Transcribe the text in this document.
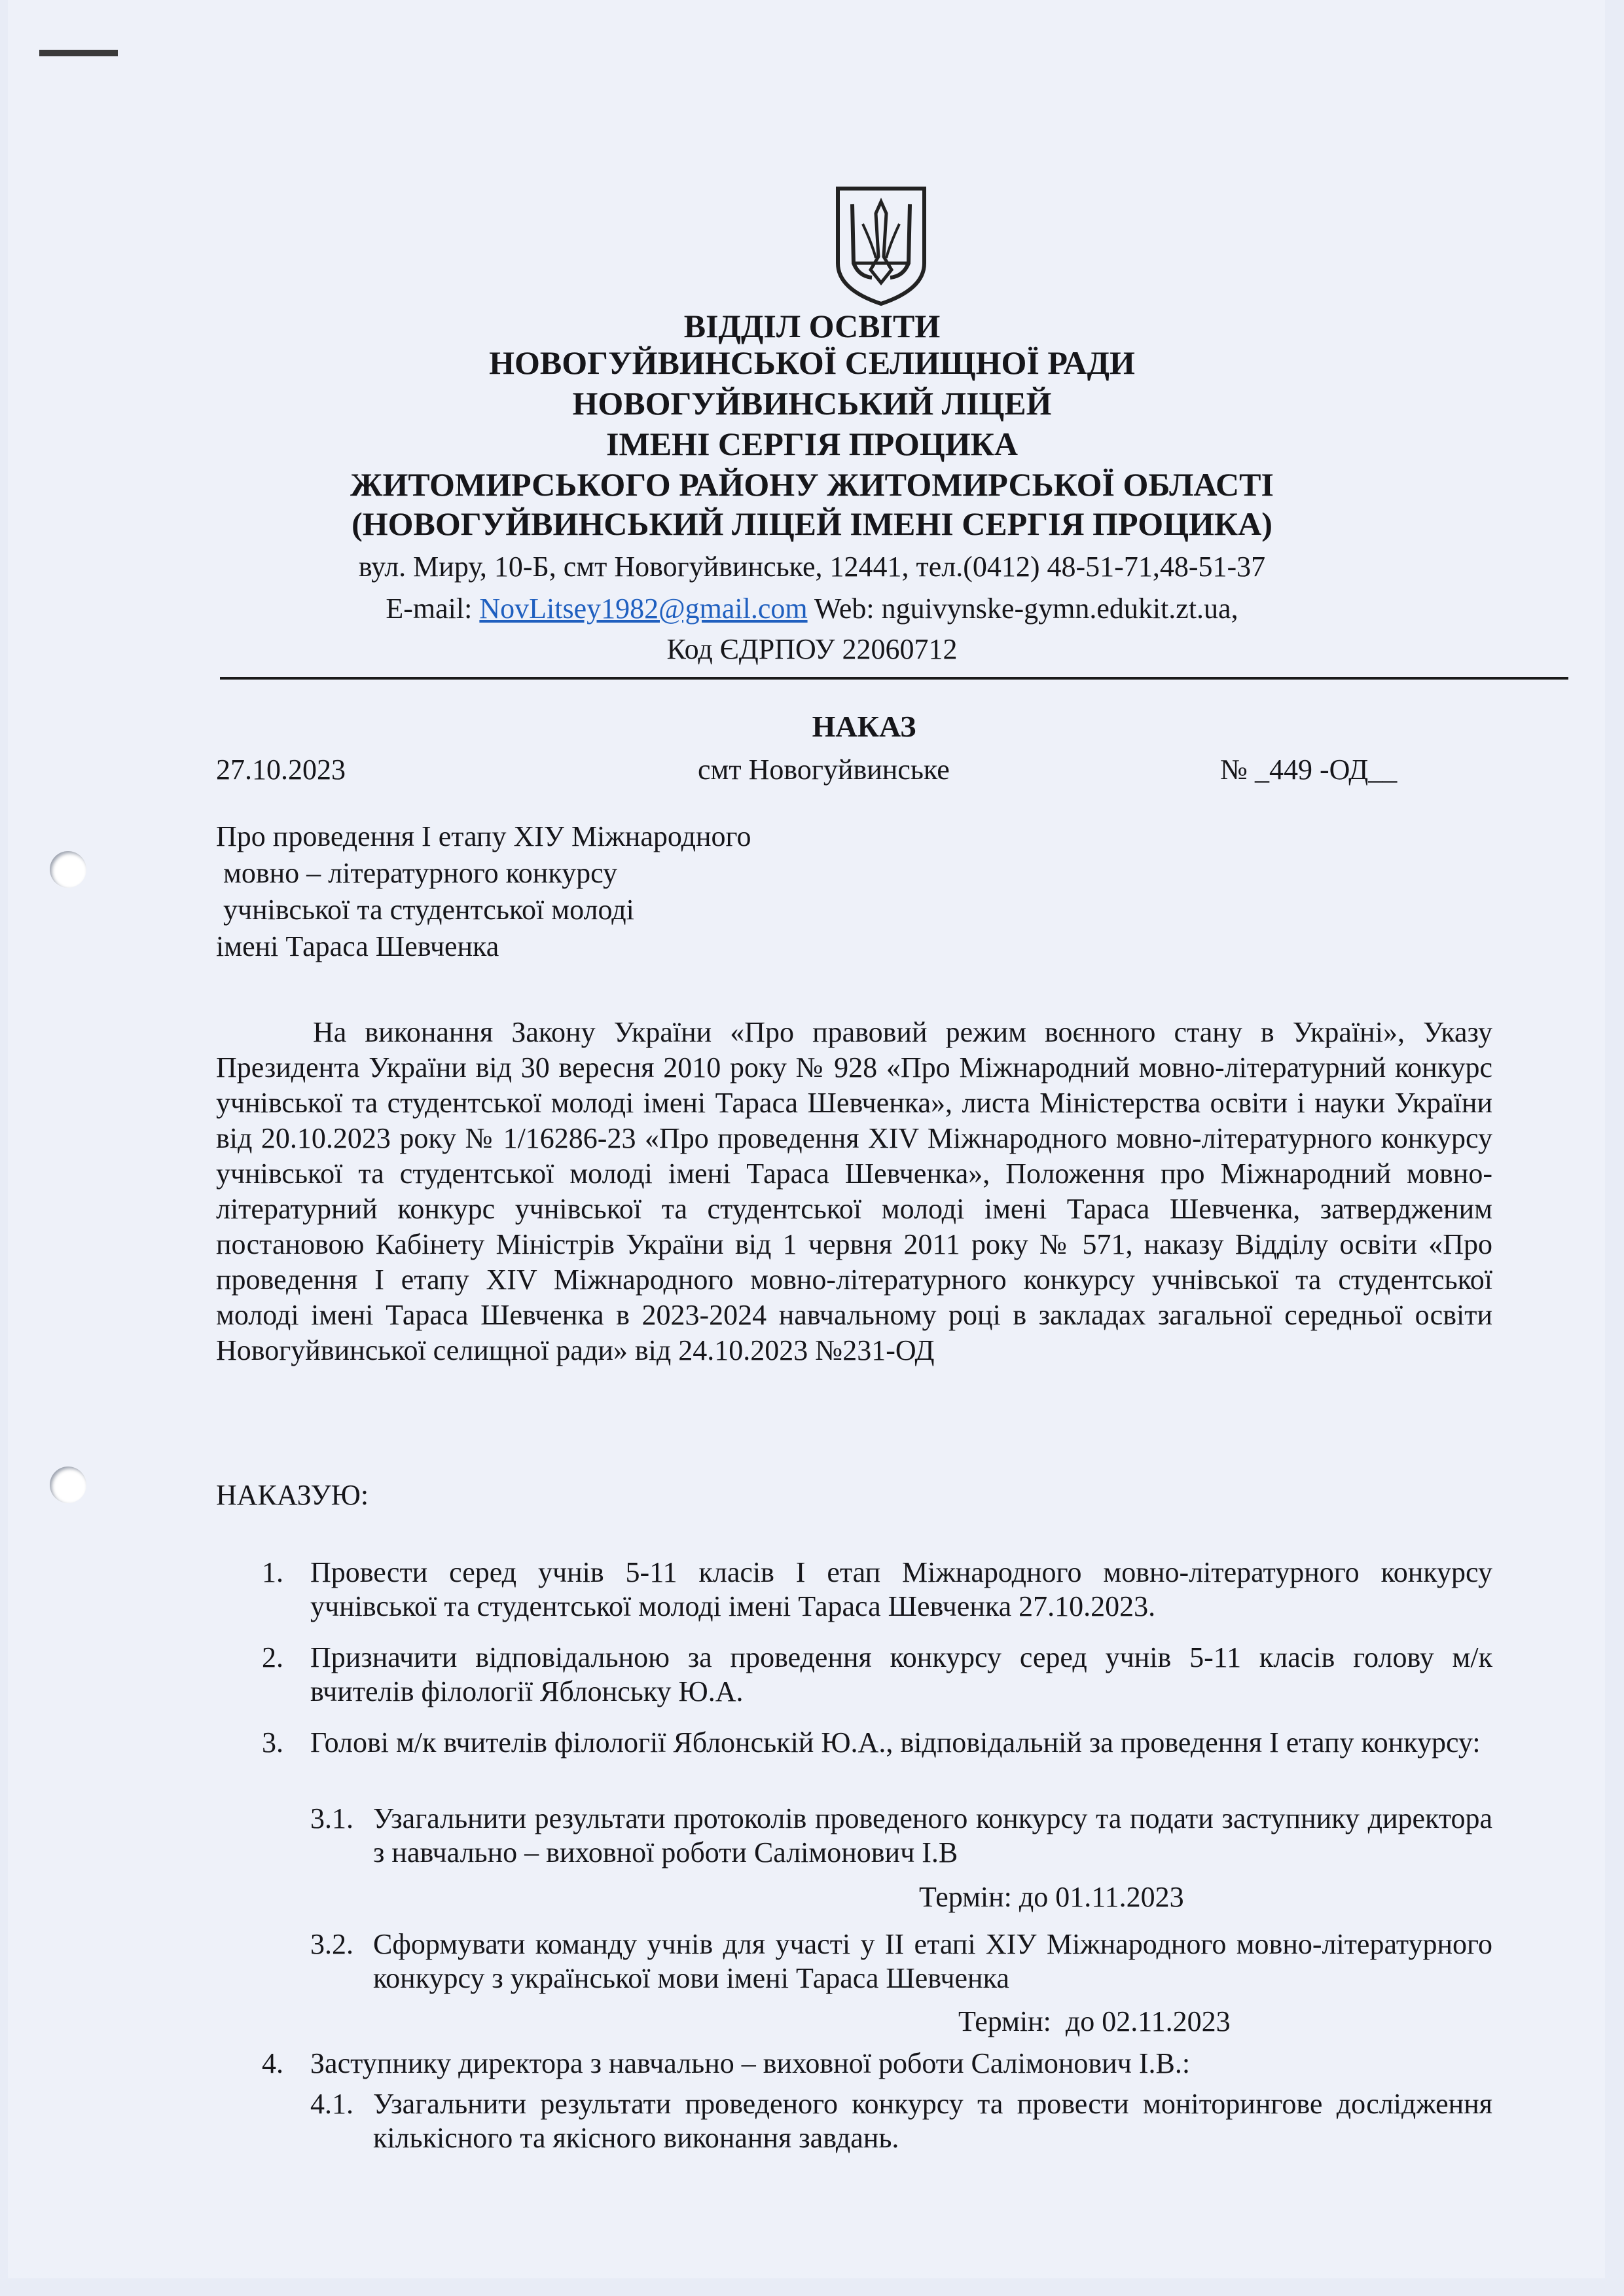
ВІДДІЛ ОСВІТИ
НОВОГУЙВИНСЬКОЇ СЕЛИЩНОЇ РАДИ
НОВОГУЙВИНСЬКИЙ ЛІЦЕЙ
ІМЕНІ СЕРГІЯ ПРОЦИКА
ЖИТОМИРСЬКОГО РАЙОНУ ЖИТОМИРСЬКОЇ ОБЛАСТІ
(НОВОГУЙВИНСЬКИЙ ЛІЦЕЙ ІМЕНІ СЕРГІЯ ПРОЦИКА)
вул. Миру, 10-Б, смт Новогуйвинське, 12441, тел.(0412) 48-51-71,48-51-37
E-mail: NovLitsey1982@gmail.com Web: nguivynske-gymn.edukit.zt.ua,
Код ЄДРПОУ 22060712
НАКАЗ
27.10.2023	смт Новогуйвинське	№ _449 -ОД__
Про проведення І етапу ХІУ Міжнародного
мовно – літературного конкурсу
учнівської та студентської молоді
імені Тараса Шевченка
На виконання Закону України «Про правовий режим воєнного стану в Україні», Указу Президента України від 30 вересня 2010 року № 928 «Про Міжнародний мовно-літературний конкурс учнівської та студентської молоді імені Тараса Шевченка», листа Міністерства освіти і науки України від 20.10.2023 року № 1/16286-23 «Про проведення XIV Міжнародного мовно-літературного конкурсу учнівської та студентської молоді імені Тараса Шевченка», Положення про Міжнародний мовно-літературний конкурс учнівської та студентської молоді імені Тараса Шевченка, затвердженим постановою Кабінету Міністрів України від 1 червня 2011 року № 571, наказу Відділу освіти «Про проведення І етапу XIV Міжнародного мовно-літературного конкурсу учнівської та студентської молоді імені Тараса Шевченка в 2023-2024 навчальному році в закладах загальної середньої освіти Новогуйвинської селищної ради» від 24.10.2023 №231-ОД
НАКАЗУЮ:
1. Провести серед учнів 5-11 класів І етап Міжнародного мовно-літературного конкурсу учнівської та студентської молоді імені Тараса Шевченка 27.10.2023.
2. Призначити відповідальною за проведення конкурсу серед учнів 5-11 класів голову м/к вчителів філології Яблонську Ю.А.
3. Голові м/к вчителів філології Яблонській Ю.А., відповідальній за проведення І етапу конкурсу:
3.1. Узагальнити результати протоколів проведеного конкурсу та подати заступнику директора з навчально – виховної роботи Салімонович І.В
Термін: до 01.11.2023
3.2. Сформувати команду учнів для участі у ІІ етапі ХІУ Міжнародного мовно-літературного конкурсу з української мови імені Тараса Шевченка
Термін:  до 02.11.2023
4. Заступнику директора з навчально – виховної роботи Салімонович І.В.:
4.1. Узагальнити результати проведеного конкурсу та провести моніторингове дослідження кількісного та якісного виконання завдань.
